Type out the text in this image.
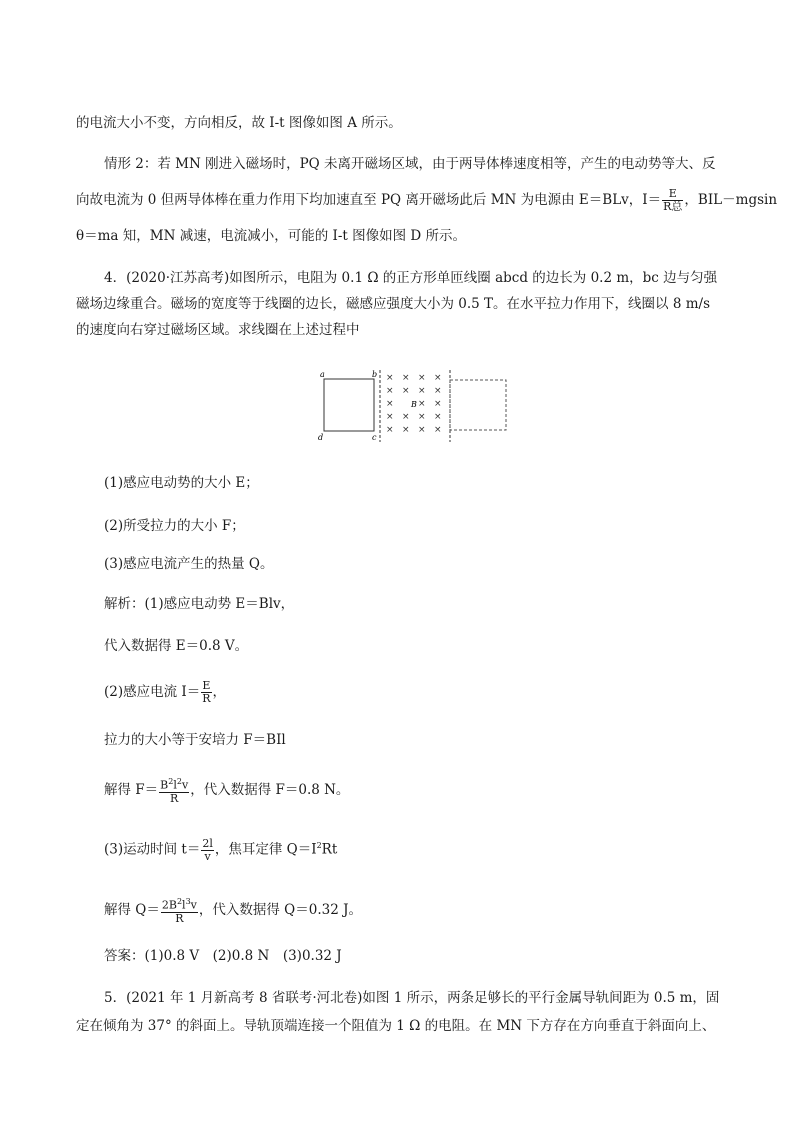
的电流大小不变，方向相反，故 I-t 图像如图 A 所示。
情形 2：若 MN 刚进入磁场时，PQ 未离开磁场区域，由于两导体棒速度相等，产生的电动势等大、反
向故电流为 0 但两导体棒在重力作用下均加速直至 PQ 离开磁场此后 MN 为电源由 E＝BLv，$I= \frac{E}{\text{R总}}$ ，BIL－mgsin
θ＝ma 知，MN 减速，电流减小，可能的 I-t 图像如图 D 所示。
4．(2020·江苏高考)如图所示，电阻为 0.1 Ω 的正方形单匝线圈 abcd 的边长为 0.2 m，bc 边与匀强
磁场边缘重合。磁场的宽度等于线圈的边长，磁感应强度大小为 0.5 T。在水平拉力作用下，线圈以 8 m/s
的速度向右穿过磁场区域。求线圈在上述过程中
× × × ×
× × × ×
×	× ×
× × × ×
× × × ×
a	b
c
d
B
(1)感应电动势的大小 E；
(2)所受拉力的大小 F；
(3)感应电流产生的热量 Q。
解析：(1)感应电动势 E＝Blv，
代入数据得 E＝0.8 V。
(2)感应电流 $I= \frac{E}{R}$ ，
拉力的大小等于安培力 F＝BIl
解得 $F= \frac{B^2l^2v}{R}$ ，代入数据得 F＝0.8 N。
(3)运动时间 $t= \frac{2l}{v}$ ，焦耳定律 $Q=I^2Rt$
解得 $Q= \frac{2B^2l^3v}{R}$ ，代入数据得 Q＝0.32 J。
答案：(1)0.8 V　(2)0.8 N　(3)0.32 J
5．(2021 年 1 月新高考 8 省联考·河北卷)如图 1 所示，两条足够长的平行金属导轨间距为 0.5 m，固
定在倾角为 37° 的斜面上。导轨顶端连接一个阻值为 1 Ω 的电阻。在 MN 下方存在方向垂直于斜面向上、
